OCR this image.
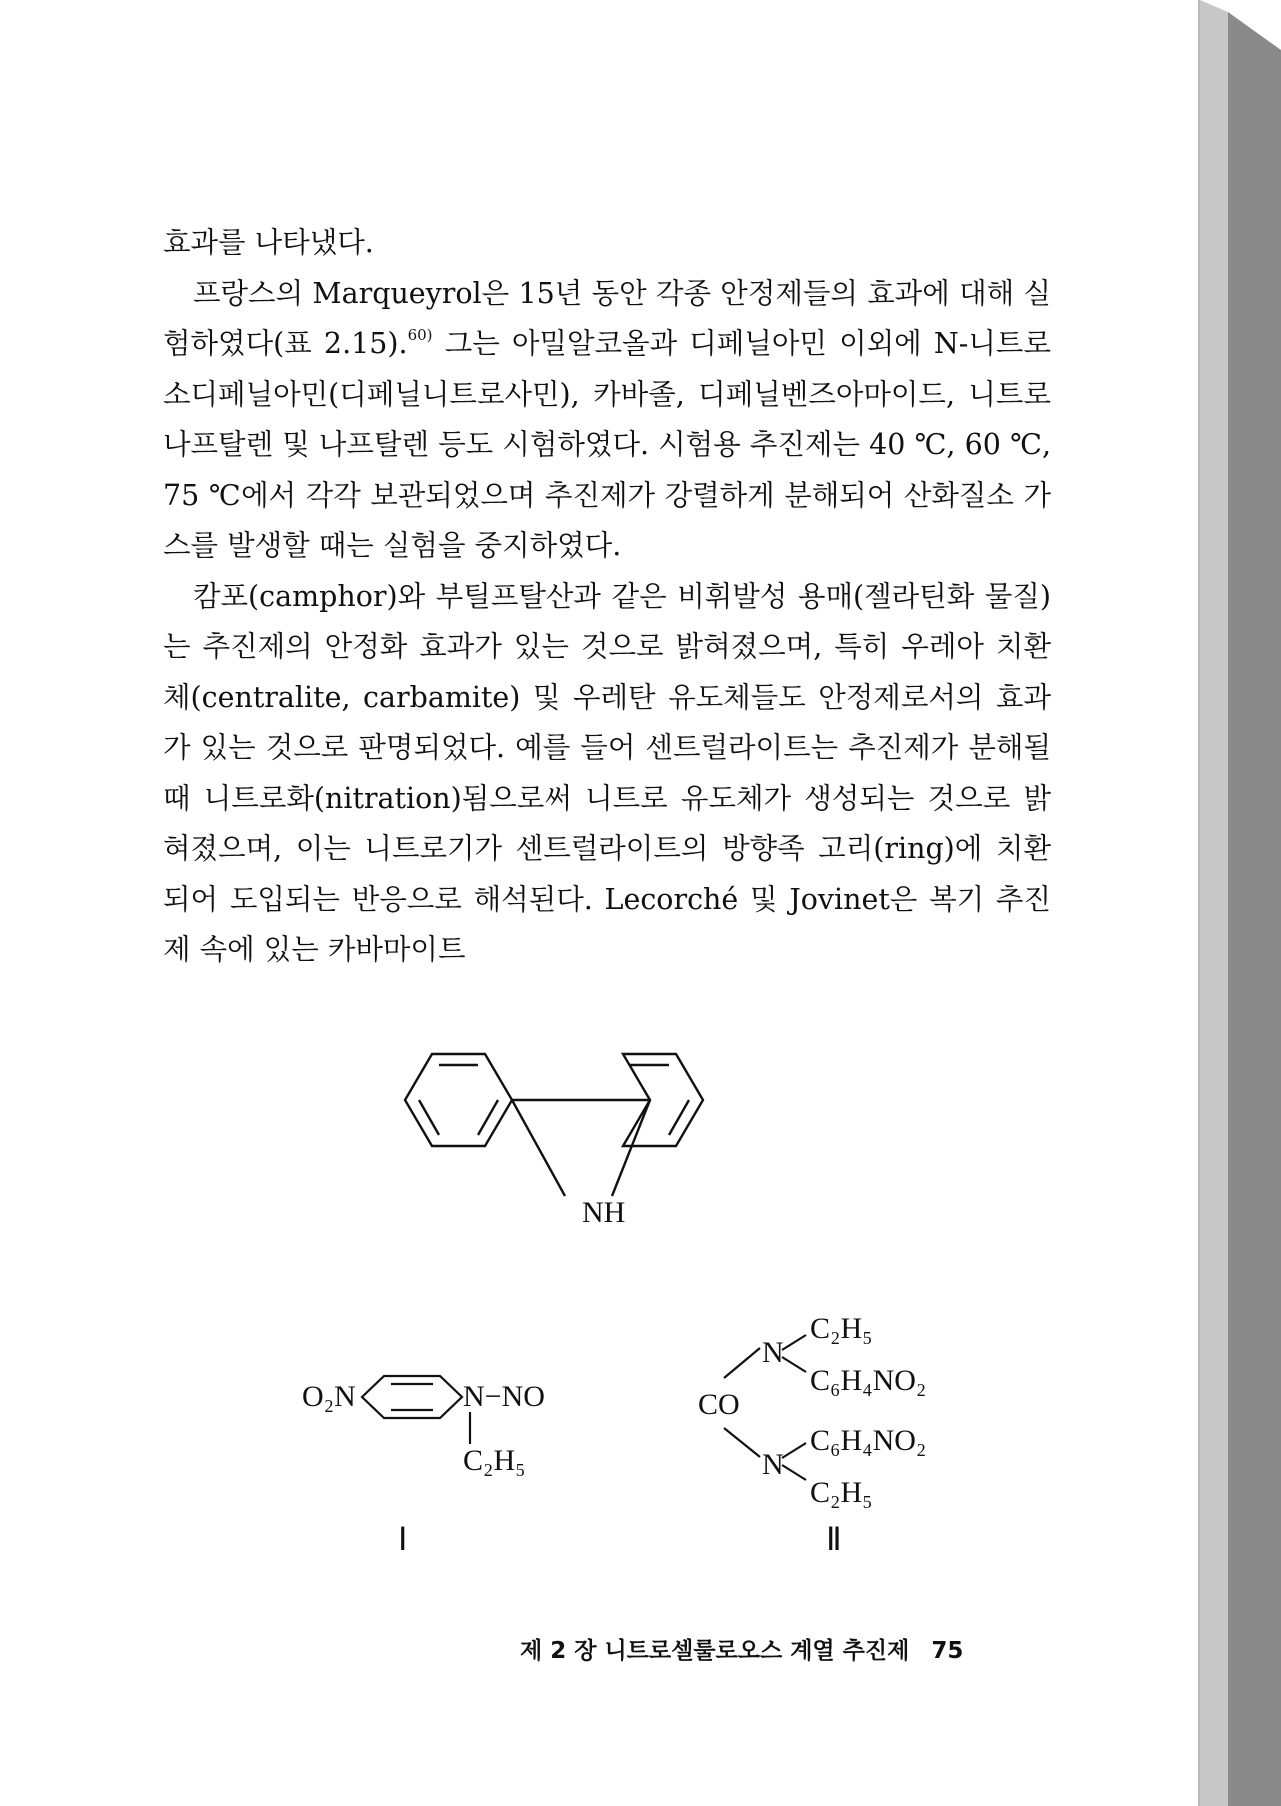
효과를 나타냈다.

프랑스의 Marqueyrol은 15년 동안 각종 안정제들의 효과에 대해 실험하였다(표 2.15).$^{60)}$ 그는 아밀알코올과 디페닐아민 이외에 N-니트로소디페닐아민(디페닐니트로사민), 카바졸, 디페닐벤즈아마이드, 니트로나프탈렌 및 나프탈렌 등도 시험하였다. 시험용 추진제는 40 ℃, 60 ℃, 75 ℃에서 각각 보관되었으며 추진제가 강렬하게 분해되어 산화질소 가스를 발생할 때는 실험을 중지하였다.

캄포(camphor)와 부틸프탈산과 같은 비휘발성 용매(젤라틴화 물질)는 추진제의 안정화 효과가 있는 것으로 밝혀졌으며, 특히 우레아 치환체(centralite, carbamite) 및 우레탄 유도체들도 안정제로서의 효과가 있는 것으로 판명되었다. 예를 들어 센트럴라이트는 추진제가 분해될 때 니트로화(nitration)됨으로써 니트로 유도체가 생성되는 것으로 밝혀졌으며, 이는 니트로기가 센트럴라이트의 방향족 고리(ring)에 치환되어 도입되는 반응으로 해석된다. Lecorché 및 Jovinet은 복기 추진제 속에 있는 카바마이트

NH
O₂N	N−NO
C₂H₅
Ⅰ
N
C₂H₅
C₆H₄NO₂
CO
N
C₆H₄NO₂
C₂H₅
Ⅱ
제 2 장 니트로셀룰로오스 계열 추진제 75
